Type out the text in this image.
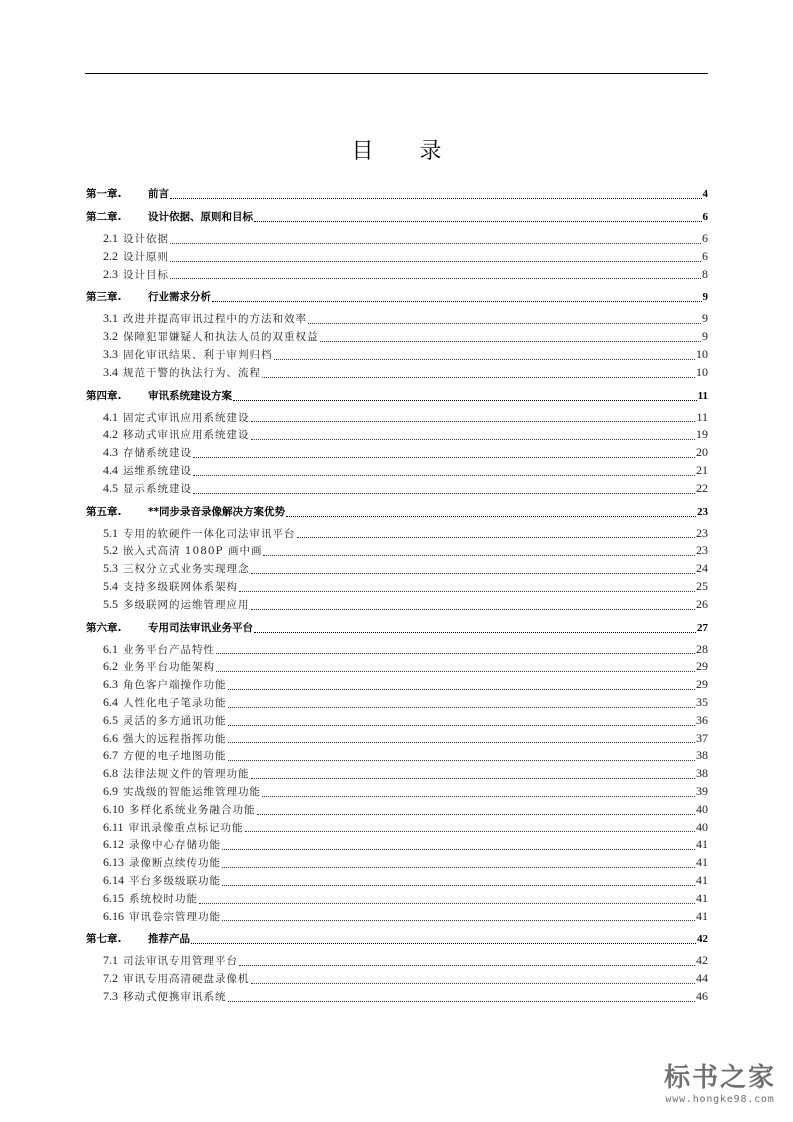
目 录
第一章.	前言	4
第二章.	设计依据、原则和目标	6
2.1 设计依据	6
2.2 设计原则	6
2.3 设计目标	8
第三章.	行业需求分析	9
3.1 改进并提高审讯过程中的方法和效率	9
3.2 保障犯罪嫌疑人和执法人员的双重权益	9
3.3 固化审讯结果、利于审判归档	10
3.4 规范干警的执法行为、流程	10
第四章.	审讯系统建设方案	11
4.1 固定式审讯应用系统建设	11
4.2 移动式审讯应用系统建设	19
4.3 存储系统建设	20
4.4 运维系统建设	21
4.5 显示系统建设	22
第五章.	**同步录音录像解决方案优势	23
5.1 专用的软硬件一体化司法审讯平台	23
5.2 嵌入式高清 1080P 画中画	23
5.3 三权分立式业务实现理念	24
5.4 支持多级联网体系架构	25
5.5 多级联网的运维管理应用	26
第六章.	专用司法审讯业务平台	27
6.1 业务平台产品特性	28
6.2 业务平台功能架构	29
6.3 角色客户端操作功能	29
6.4 人性化电子笔录功能	35
6.5 灵活的多方通讯功能	36
6.6 强大的远程指挥功能	37
6.7 方便的电子地图功能	38
6.8 法律法规文件的管理功能	38
6.9 实战级的智能运维管理功能	39
6.10 多样化系统业务融合功能	40
6.11 审讯录像重点标记功能	40
6.12 录像中心存储功能	41
6.13 录像断点续传功能	41
6.14 平台多级级联功能	41
6.15 系统校时功能	41
6.16 审讯卷宗管理功能	41
第七章.	推荐产品	42
7.1 司法审讯专用管理平台	42
7.2 审讯专用高清硬盘录像机	44
7.3 移动式便携审讯系统	46
标书之家
www.hongke98.com
